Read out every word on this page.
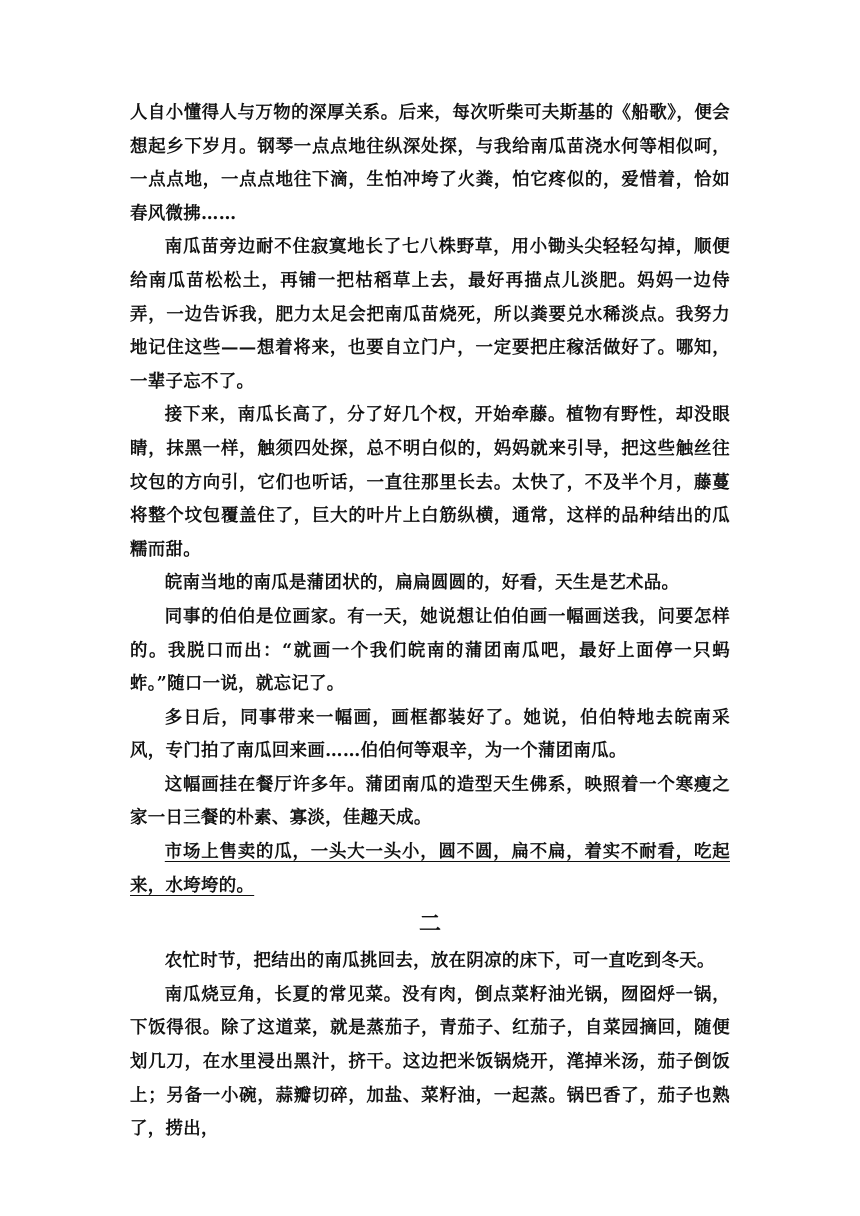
人自小懂得人与万物的深厚关系。后来，每次听柴可夫斯基的《船歌》，便会想起乡下岁月。钢琴一点点地往纵深处探，与我给南瓜苗浇水何等相似呵，一点点地，一点点地往下滴，生怕冲垮了火粪，怕它疼似的，爱惜着，恰如春风微拂……

南瓜苗旁边耐不住寂寞地长了七八株野草，用小锄头尖轻轻勾掉，顺便给南瓜苗松松土，再铺一把枯稻草上去，最好再描点儿淡肥。妈妈一边侍弄，一边告诉我，肥力太足会把南瓜苗烧死，所以粪要兑水稀淡点。我努力地记住这些——想着将来，也要自立门户，一定要把庄稼活做好了。哪知，一辈子忘不了。

接下来，南瓜长高了，分了好几个杈，开始牵藤。植物有野性，却没眼睛，抹黑一样，触须四处探，总不明白似的，妈妈就来引导，把这些触丝往坟包的方向引，它们也听话，一直往那里长去。太快了，不及半个月，藤蔓将整个坟包覆盖住了，巨大的叶片上白筋纵横，通常，这样的品种结出的瓜糯而甜。

皖南当地的南瓜是蒲团状的，扁扁圆圆的，好看，天生是艺术品。

同事的伯伯是位画家。有一天，她说想让伯伯画一幅画送我，问要怎样的。我脱口而出：“就画一个我们皖南的蒲团南瓜吧，最好上面停一只蚂蚱。”随口一说，就忘记了。

多日后，同事带来一幅画，画框都装好了。她说，伯伯特地去皖南采风，专门拍了南瓜回来画……伯伯何等艰辛，为一个蒲团南瓜。

这幅画挂在餐厅许多年。蒲团南瓜的造型天生佛系，映照着一个寒瘦之家一日三餐的朴素、寡淡，佳趣天成。

市场上售卖的瓜，一头大一头小，圆不圆，扁不扁，着实不耐看，吃起来，水垮垮的。

二

农忙时节，把结出的南瓜挑回去，放在阴凉的床下，可一直吃到冬天。

南瓜烧豆角，长夏的常见菜。没有肉，倒点菜籽油光锅，囫囵烀一锅，下饭得很。除了这道菜，就是蒸茄子，青茄子、红茄子，自菜园摘回，随便划几刀，在水里浸出黑汁，挤干。这边把米饭锅烧开，滗掉米汤，茄子倒饭上；另备一小碗，蒜瓣切碎，加盐、菜籽油，一起蒸。锅巴香了，茄子也熟了，捞出，
